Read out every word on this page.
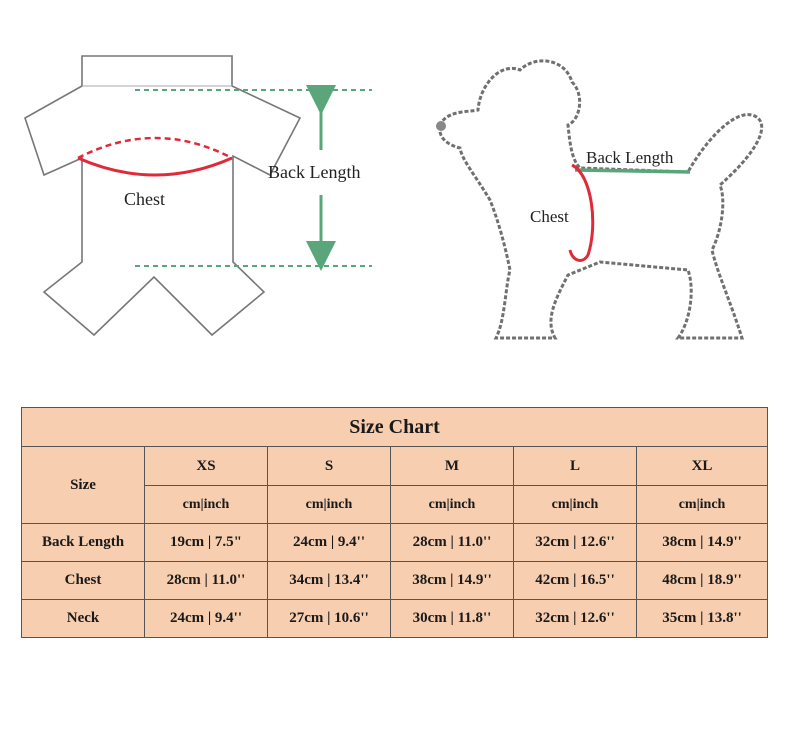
Chest
Back Length
Back Length
Chest
Size Chart					
Size	XS	S	M	L	XL
	cm|inch	cm|inch	cm|inch	cm|inch	cm|inch
Back Length	19cm | 7.5"	24cm | 9.4''	28cm | 11.0''	32cm | 12.6''	38cm | 14.9''
Chest	28cm | 11.0''	34cm | 13.4''	38cm | 14.9''	42cm | 16.5''	48cm | 18.9''
Neck	24cm | 9.4''	27cm | 10.6''	30cm | 11.8''	32cm | 12.6''	35cm | 13.8''
